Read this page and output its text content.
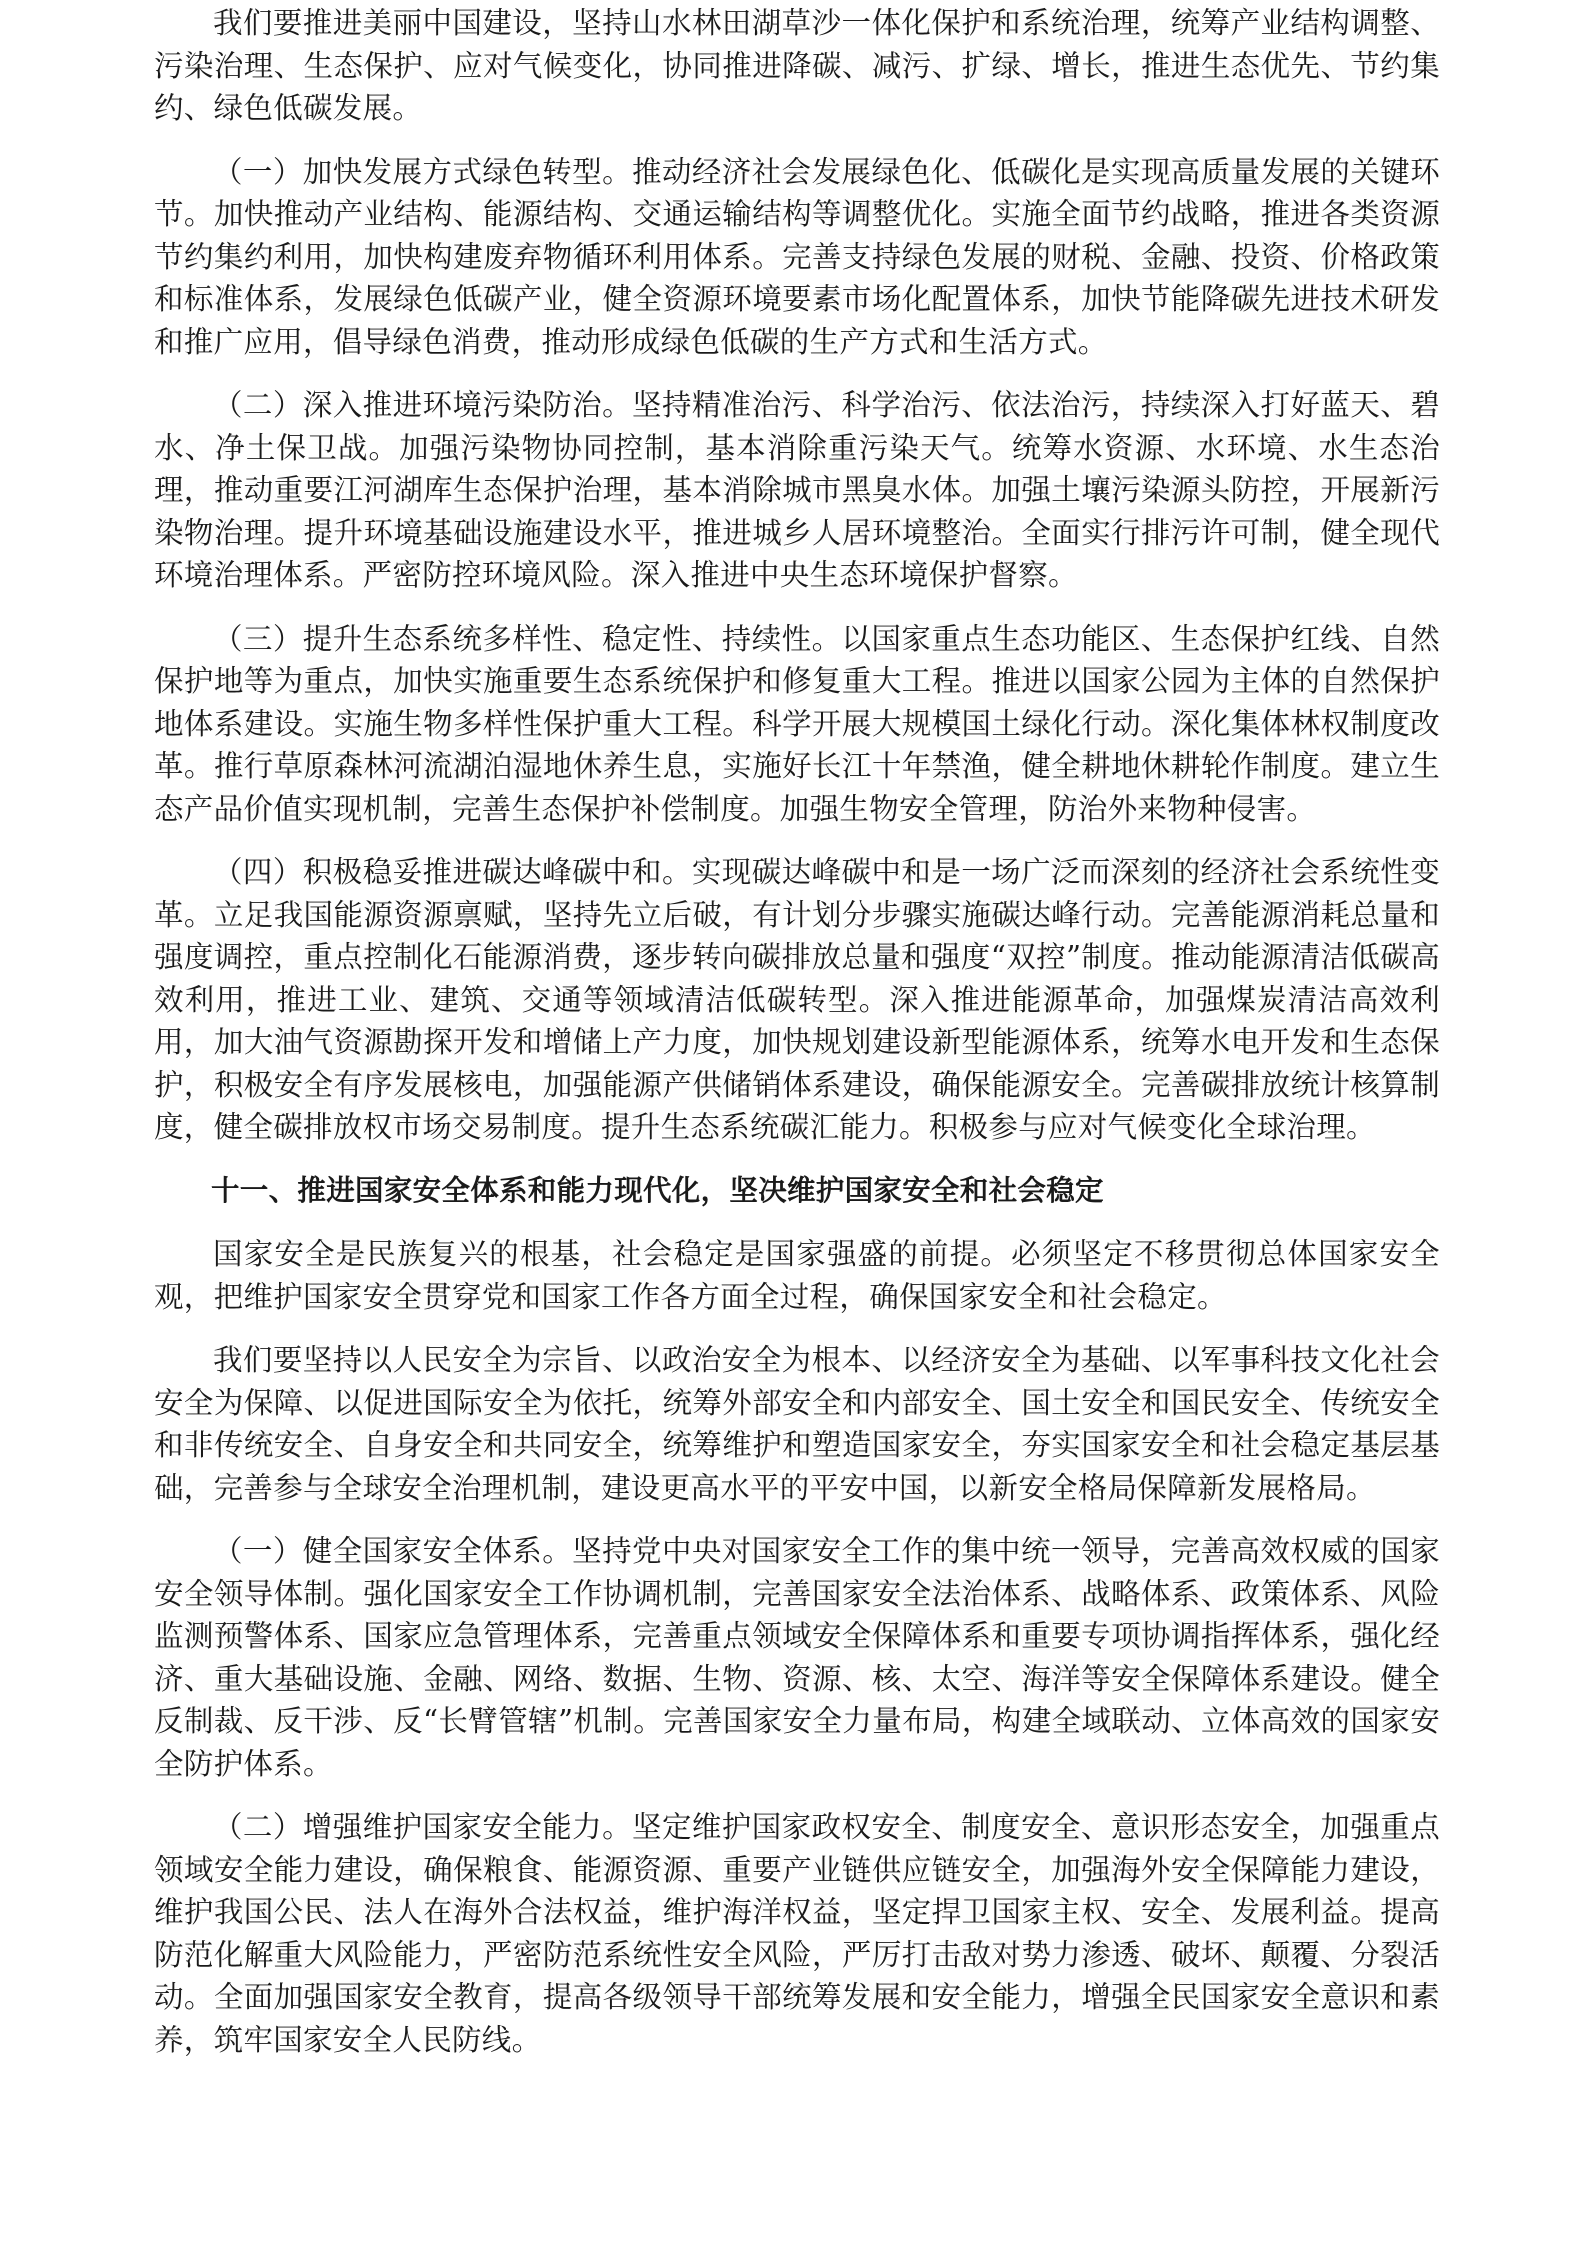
我们要推进美丽中国建设，坚持山水林田湖草沙一体化保护和系统治理，统筹产业结构调整、污染治理、生态保护、应对气候变化，协同推进降碳、减污、扩绿、增长，推进生态优先、节约集约、绿色低碳发展。

（一）加快发展方式绿色转型。推动经济社会发展绿色化、低碳化是实现高质量发展的关键环节。加快推动产业结构、能源结构、交通运输结构等调整优化。实施全面节约战略，推进各类资源节约集约利用，加快构建废弃物循环利用体系。完善支持绿色发展的财税、金融、投资、价格政策和标准体系，发展绿色低碳产业，健全资源环境要素市场化配置体系，加快节能降碳先进技术研发和推广应用，倡导绿色消费，推动形成绿色低碳的生产方式和生活方式。

（二）深入推进环境污染防治。坚持精准治污、科学治污、依法治污，持续深入打好蓝天、碧水、净土保卫战。加强污染物协同控制，基本消除重污染天气。统筹水资源、水环境、水生态治理，推动重要江河湖库生态保护治理，基本消除城市黑臭水体。加强土壤污染源头防控，开展新污染物治理。提升环境基础设施建设水平，推进城乡人居环境整治。全面实行排污许可制，健全现代环境治理体系。严密防控环境风险。深入推进中央生态环境保护督察。

（三）提升生态系统多样性、稳定性、持续性。以国家重点生态功能区、生态保护红线、自然保护地等为重点，加快实施重要生态系统保护和修复重大工程。推进以国家公园为主体的自然保护地体系建设。实施生物多样性保护重大工程。科学开展大规模国土绿化行动。深化集体林权制度改革。推行草原森林河流湖泊湿地休养生息，实施好长江十年禁渔，健全耕地休耕轮作制度。建立生态产品价值实现机制，完善生态保护补偿制度。加强生物安全管理，防治外来物种侵害。

（四）积极稳妥推进碳达峰碳中和。实现碳达峰碳中和是一场广泛而深刻的经济社会系统性变革。立足我国能源资源禀赋，坚持先立后破，有计划分步骤实施碳达峰行动。完善能源消耗总量和强度调控，重点控制化石能源消费，逐步转向碳排放总量和强度“双控”制度。推动能源清洁低碳高效利用，推进工业、建筑、交通等领域清洁低碳转型。深入推进能源革命，加强煤炭清洁高效利用，加大油气资源勘探开发和增储上产力度，加快规划建设新型能源体系，统筹水电开发和生态保护，积极安全有序发展核电，加强能源产供储销体系建设，确保能源安全。完善碳排放统计核算制度，健全碳排放权市场交易制度。提升生态系统碳汇能力。积极参与应对气候变化全球治理。

十一、推进国家安全体系和能力现代化，坚决维护国家安全和社会稳定

国家安全是民族复兴的根基，社会稳定是国家强盛的前提。必须坚定不移贯彻总体国家安全观，把维护国家安全贯穿党和国家工作各方面全过程，确保国家安全和社会稳定。

我们要坚持以人民安全为宗旨、以政治安全为根本、以经济安全为基础、以军事科技文化社会安全为保障、以促进国际安全为依托，统筹外部安全和内部安全、国土安全和国民安全、传统安全和非传统安全、自身安全和共同安全，统筹维护和塑造国家安全，夯实国家安全和社会稳定基层基础，完善参与全球安全治理机制，建设更高水平的平安中国，以新安全格局保障新发展格局。

（一）健全国家安全体系。坚持党中央对国家安全工作的集中统一领导，完善高效权威的国家安全领导体制。强化国家安全工作协调机制，完善国家安全法治体系、战略体系、政策体系、风险监测预警体系、国家应急管理体系，完善重点领域安全保障体系和重要专项协调指挥体系，强化经济、重大基础设施、金融、网络、数据、生物、资源、核、太空、海洋等安全保障体系建设。健全反制裁、反干涉、反“长臂管辖”机制。完善国家安全力量布局，构建全域联动、立体高效的国家安全防护体系。

（二）增强维护国家安全能力。坚定维护国家政权安全、制度安全、意识形态安全，加强重点领域安全能力建设，确保粮食、能源资源、重要产业链供应链安全，加强海外安全保障能力建设，维护我国公民、法人在海外合法权益，维护海洋权益，坚定捍卫国家主权、安全、发展利益。提高防范化解重大风险能力，严密防范系统性安全风险，严厉打击敌对势力渗透、破坏、颠覆、分裂活动。全面加强国家安全教育，提高各级领导干部统筹发展和安全能力，增强全民国家安全意识和素养，筑牢国家安全人民防线。
